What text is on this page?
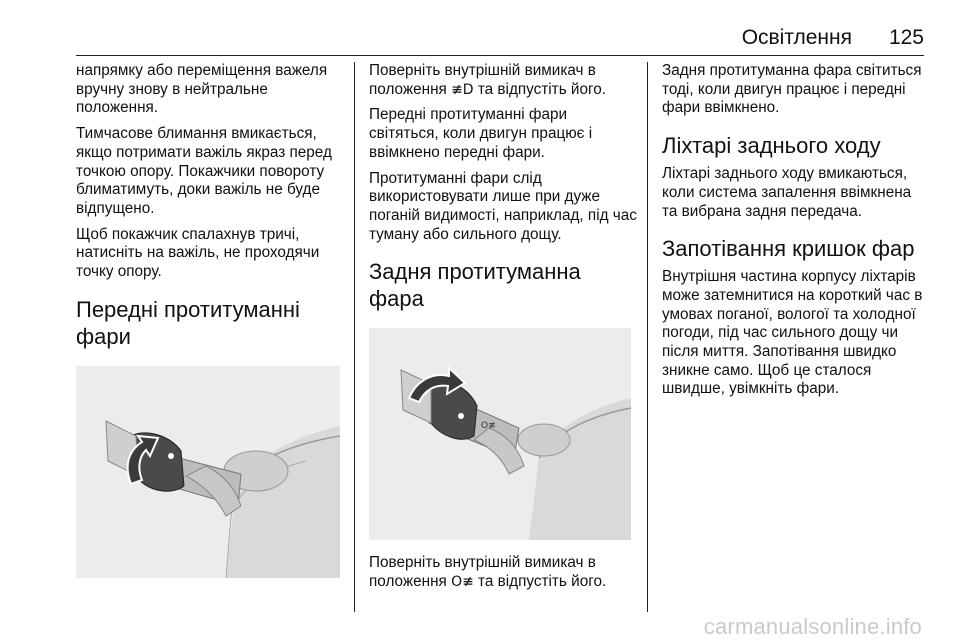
Освітлення 125

напрямку або переміщення важеля вручну знову в нейтральне положення.

Тимчасове блимання вмикається, якщо потримати важіль якраз перед точкою опору. Покажчики повороту блиматимуть, доки важіль не буде відпущено.

Щоб покажчик спалахнув тричі, натисніть на важіль, не проходячи точку опору.

Передні протитуманні фари

Поверніть внутрішній вимикач в положення ≢D та відпустіть його.

Передні протитуманні фари світяться, коли двигун працює і ввімкнено передні фари.

Протитуманні фари слід використовувати лише при дуже поганій видимості, наприклад, під час туману або сильного дощу.

Задня протитуманна фара
O≢

Поверніть внутрішній вимикач в положення O≢ та відпустіть його.

Задня протитуманна фара світиться тоді, коли двигун працює і передні фари ввімкнено.

Ліхтарі заднього ходу

Ліхтарі заднього ходу вмикаються, коли система запалення ввімкнена та вибрана задня передача.

Запотівання кришок фар

Внутрішня частина корпусу ліхтарів може затемнитися на короткий час в умовах поганої, вологої та холодної погоди, під час сильного дощу чи після миття. Запотівання швидко зникне само. Щоб це сталося швидше, увімкніть фари.

carmanualsonline.info
